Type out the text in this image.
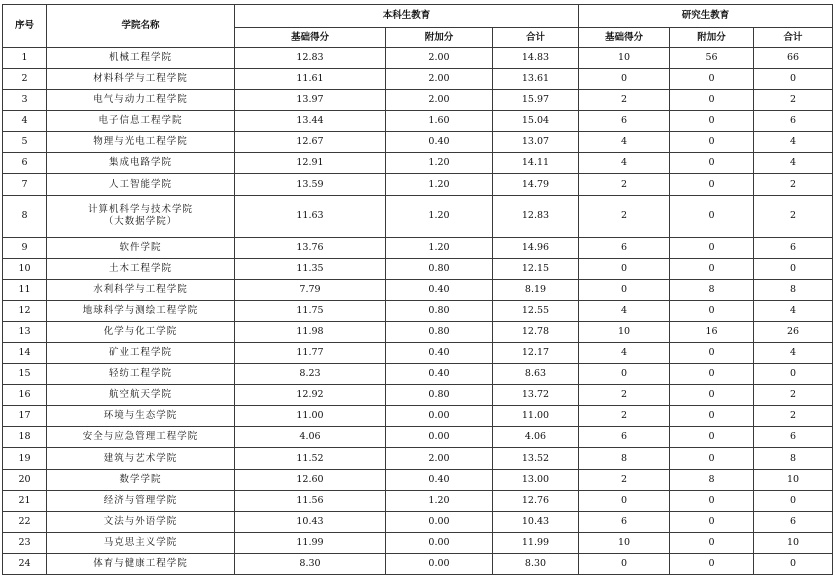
序号	学院名称	本科生教育			研究生教育		
		基础得分	附加分	合计	基础得分	附加分	合计
1	机械工程学院	12.83	2.00	14.83	10	56	66
2	材料科学与工程学院	11.61	2.00	13.61	0	0	0
3	电气与动力工程学院	13.97	2.00	15.97	2	0	2
4	电子信息工程学院	13.44	1.60	15.04	6	0	6
5	物理与光电工程学院	12.67	0.40	13.07	4	0	4
6	集成电路学院	12.91	1.20	14.11	4	0	4
7	人工智能学院	13.59	1.20	14.79	2	0	2
8	计算机科学与技术学院
（大数据学院）	11.63	1.20	12.83	2	0	2
9	软件学院	13.76	1.20	14.96	6	0	6
10	土木工程学院	11.35	0.80	12.15	0	0	0
11	水利科学与工程学院	7.79	0.40	8.19	0	8	8
12	地球科学与测绘工程学院	11.75	0.80	12.55	4	0	4
13	化学与化工学院	11.98	0.80	12.78	10	16	26
14	矿业工程学院	11.77	0.40	12.17	4	0	4
15	轻纺工程学院	8.23	0.40	8.63	0	0	0
16	航空航天学院	12.92	0.80	13.72	2	0	2
17	环境与生态学院	11.00	0.00	11.00	2	0	2
18	安全与应急管理工程学院	4.06	0.00	4.06	6	0	6
19	建筑与艺术学院	11.52	2.00	13.52	8	0	8
20	数学学院	12.60	0.40	13.00	2	8	10
21	经济与管理学院	11.56	1.20	12.76	0	0	0
22	文法与外语学院	10.43	0.00	10.43	6	0	6
23	马克思主义学院	11.99	0.00	11.99	10	0	10
24	体育与健康工程学院	8.30	0.00	8.30	0	0	0
